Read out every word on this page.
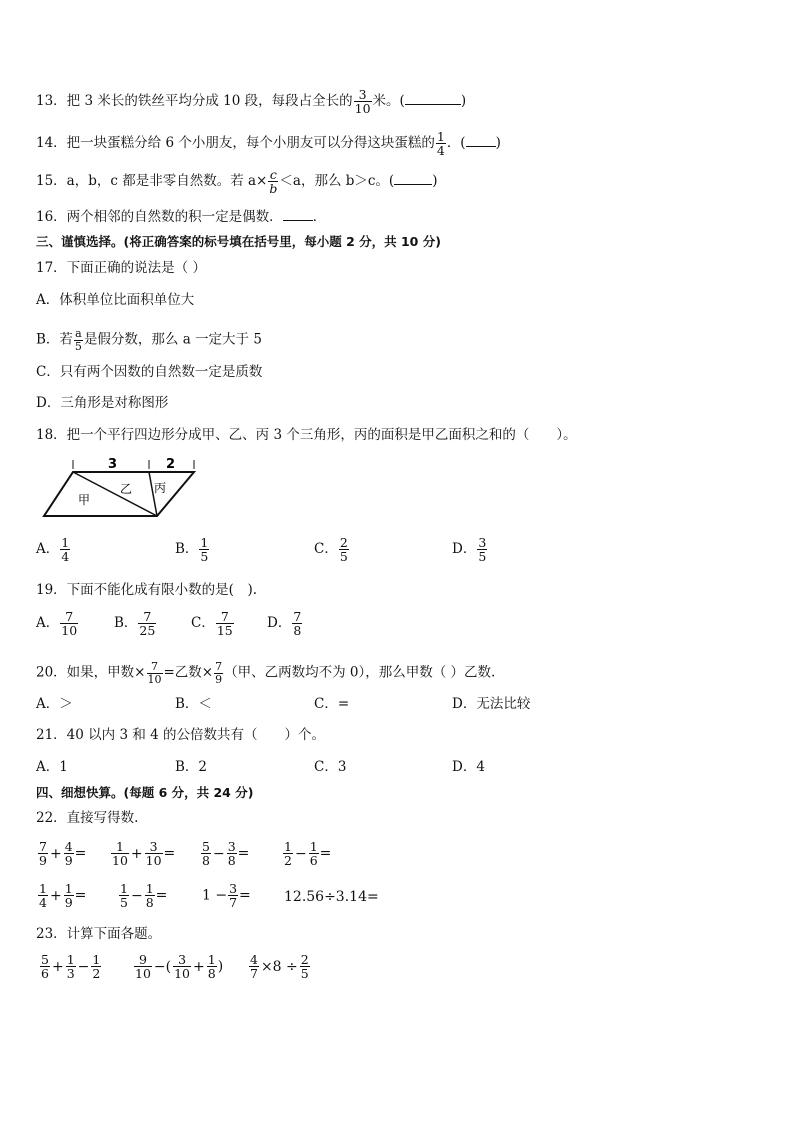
13．把 3 米长的铁丝平均分成 10 段，每段占全长的 $\frac{3}{10}$ 米。(	)
14．把一块蛋糕分给 6 个小朋友，每个小朋友可以分得这块蛋糕的 $\frac{1}{4}$ ．( )
15．a，b，c 都是非零自然数。若 $a\times \frac{c}{b} <a$，那么 b＞c。(	)
16．两个相邻的自然数的积一定是偶数． ．
三、谨慎选择。(将正确答案的标号填在括号里，每小题 2 分，共 10 分)
17．下面正确的说法是（ ）
A．体积单位比面积单位大
B．若 $\frac{a}{5}$ 是假分数，那么 a 一定大于 5
C．只有两个因数的自然数一定是质数
D．三角形是对称图形
18．把一个平行四边形分成甲、乙、丙 3 个三角形，丙的面积是甲乙面积之和的（　　）。
3	2
甲
乙 丙
A． $\frac{1}{4}$	B． $\frac{1}{5}$	C． $\frac{2}{5}$	D． $\frac{3}{5}$
19．下面不能化成有限小数的是(　).
A． $\frac{7}{10}$	B． $\frac{7}{25}$	C． $\frac{7}{15}$ D． $\frac{7}{8}$
20．如果，甲数× $\frac{7}{10}$ =乙数× $\frac{7}{9}$ （甲、乙两数均不为 0），那么甲数（ ）乙数.
A．＞	B．＜	C．=	D．无法比较
21．40 以内 3 和 4 的公倍数共有（　　）个。
A．1	B．2	C．3	D．4
四、细想快算。(每题 6 分，共 24 分)
22．直接写得数.
$\frac{7}{9} + \frac{4}{9} = \frac{1}{10} + \frac{3}{10} = \frac{5}{8} - \frac{3}{8}$ =	$\frac{1}{2} - \frac{1}{6}$ =
$\frac{1}{4} + \frac{1}{9}$ =	$\frac{1}{5} - \frac{1}{8} = 1 - \frac{3}{7} = 12.56\div 3.14=$
23．计算下面各题。
$\frac{5}{6} + \frac{1}{3} - \frac{1}{2}$	$\frac{9}{10}$ −( $\frac{3}{10} + \frac{1}{8}$ ) $\frac{4}{7} \times 8 \div \frac{2}{5}$
